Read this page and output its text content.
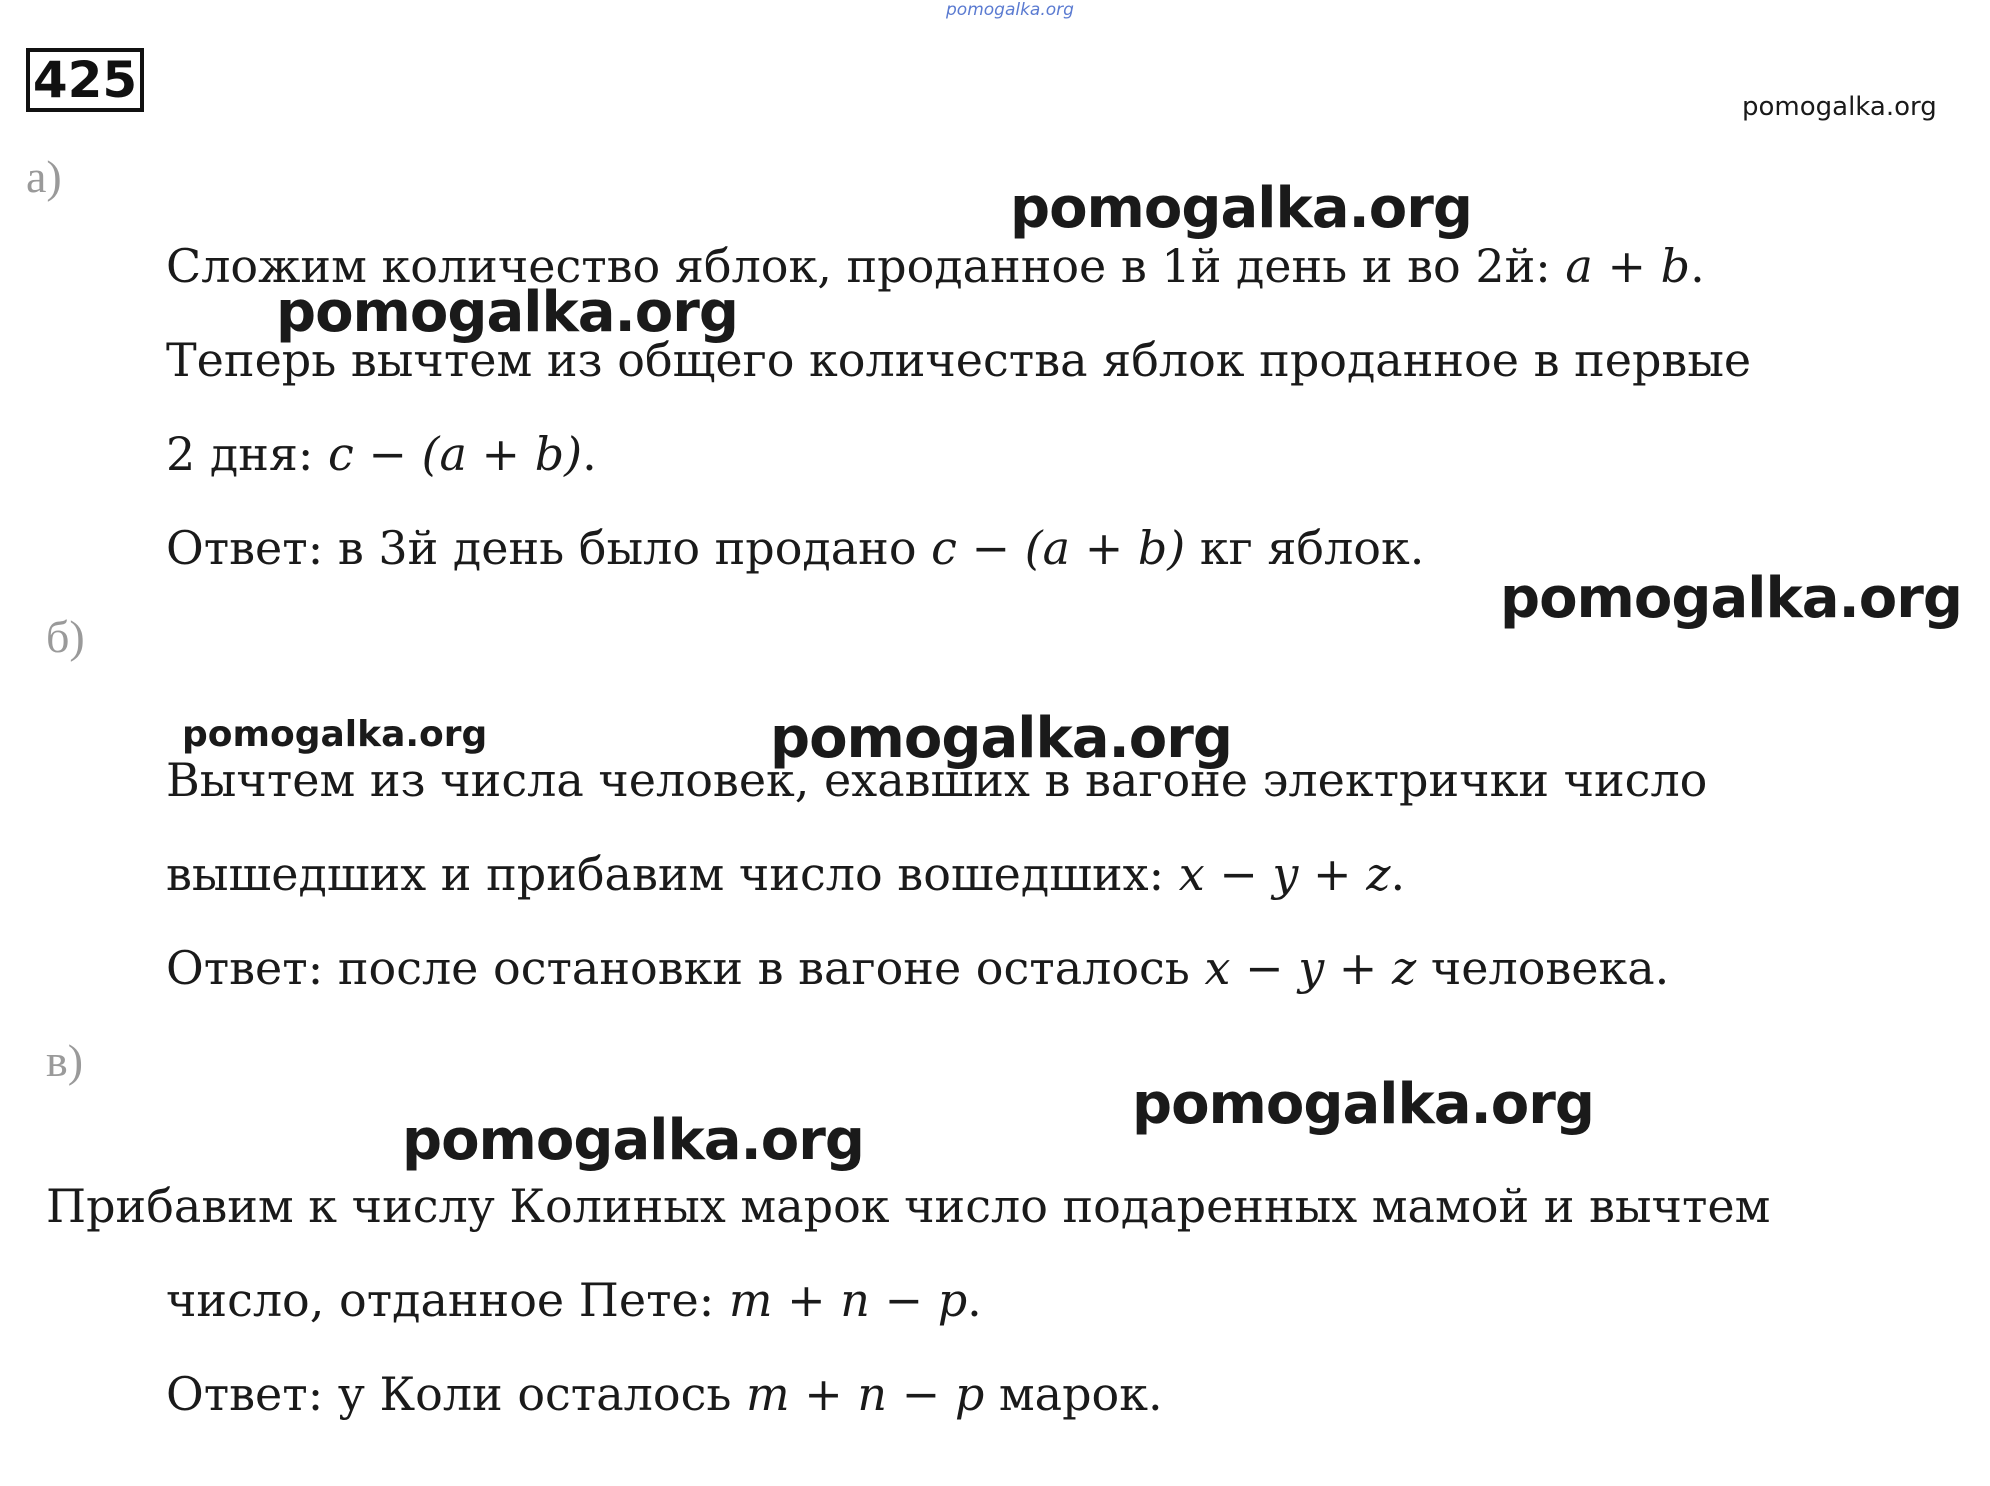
pomogalka.org
425	pomogalka.org
а)	pomogalka.org
Сложим количество яблок, проданное в 1й день и во 2й: a + b.
pomogalka.org
Теперь вычтем из общего количества яблок проданное в первые
2 дня: c − (a + b).
Ответ: в 3й день было продано c − (a + b) кг яблок.
pomogalka.org
б)
pomogalka.org	pomogalka.org
Вычтем из числа человек, ехавших в вагоне электрички число
вышедших и прибавим число вошедших: x − y + z.
Ответ: после остановки в вагоне осталось x − y + z человека.
в)
pomogalka.org
pomogalka.org
Прибавим к числу Колиных марок число подаренных мамой и вычтем
число, отданное Пете: m + n − p.
Ответ: у Коли осталось m + n − p марок.
